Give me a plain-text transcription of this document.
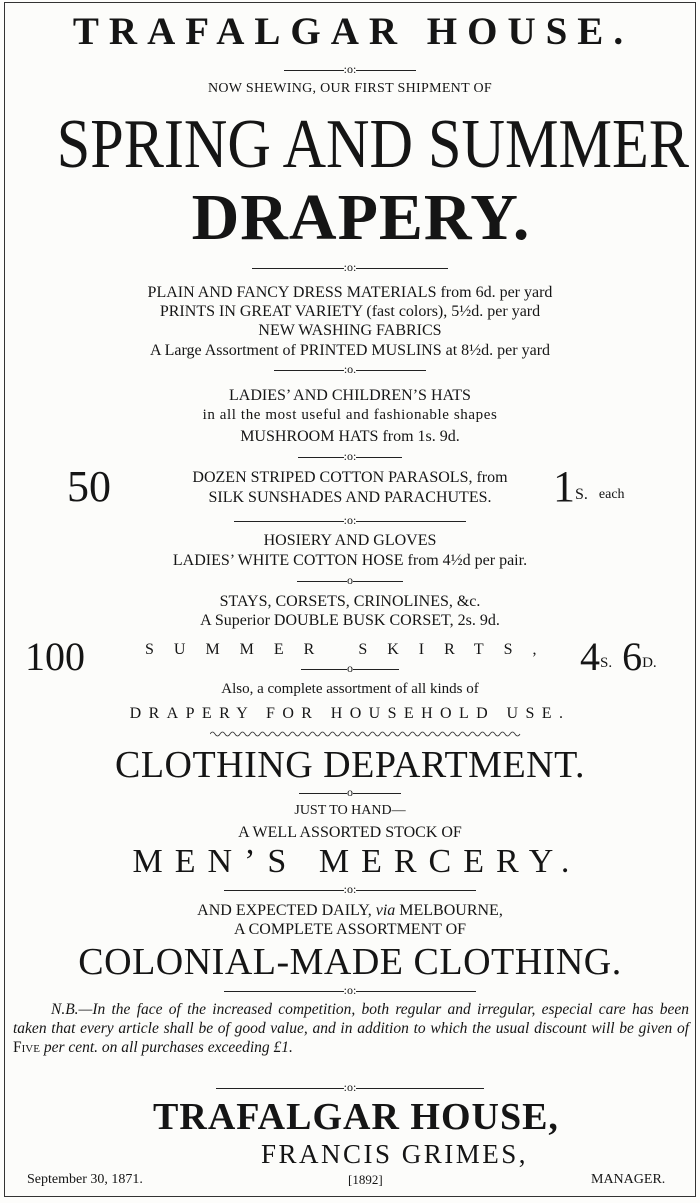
TRAFALGAR HOUSE.
:o:
NOW SHEWING, OUR FIRST SHIPMENT OF
SPRING AND SUMMER
DRAPERY.
:o:
PLAIN AND FANCY DRESS MATERIALS from 6d. per yard
PRINTS IN GREAT VARIETY (fast colors), 5½d. per yard
NEW WASHING FABRICS
A Large Assortment of PRINTED MUSLINS at 8½d. per yard
:o.
LADIES’ AND CHILDREN’S HATS
in all the most useful and fashionable shapes
MUSHROOM HATS from 1s. 9d.
:o:
50	DOZEN STRIPED COTTON PARASOLS, from
SILK SUNSHADES AND PARACHUTES.	$1^{S.}$ $^{each}$
:o:
HOSIERY AND GLOVES
LADIES’ WHITE COTTON HOSE from 4½d per pair.
o
STAYS, CORSETS, CRINOLINES, &c.
A Superior DOUBLE BUSK CORSET, 2s. 9d.
100	SUMMER SKIRTS, $4^{S.}$ $6^{D.}$
o
Also, a complete assortment of all kinds of
DRAPERY FOR HOUSEHOLD USE.
CLOTHING DEPARTMENT.
o
JUST TO HAND—
A WELL ASSORTED STOCK OF
MEN’S MERCERY.
:o:
AND EXPECTED DAILY, via MELBOURNE,
A COMPLETE ASSORTMENT OF
COLONIAL-MADE CLOTHING.
:o:
N.B.—In the face of the increased competition, both regular and irregular, especial care has been taken that every article shall be of good value, and in addition to which the usual discount will be given of Five per cent. on all purchases exceeding £1.
:o:
TRAFALGAR HOUSE,
FRANCIS GRIMES,
September 30, 1871.	[1892]	MANAGER.
